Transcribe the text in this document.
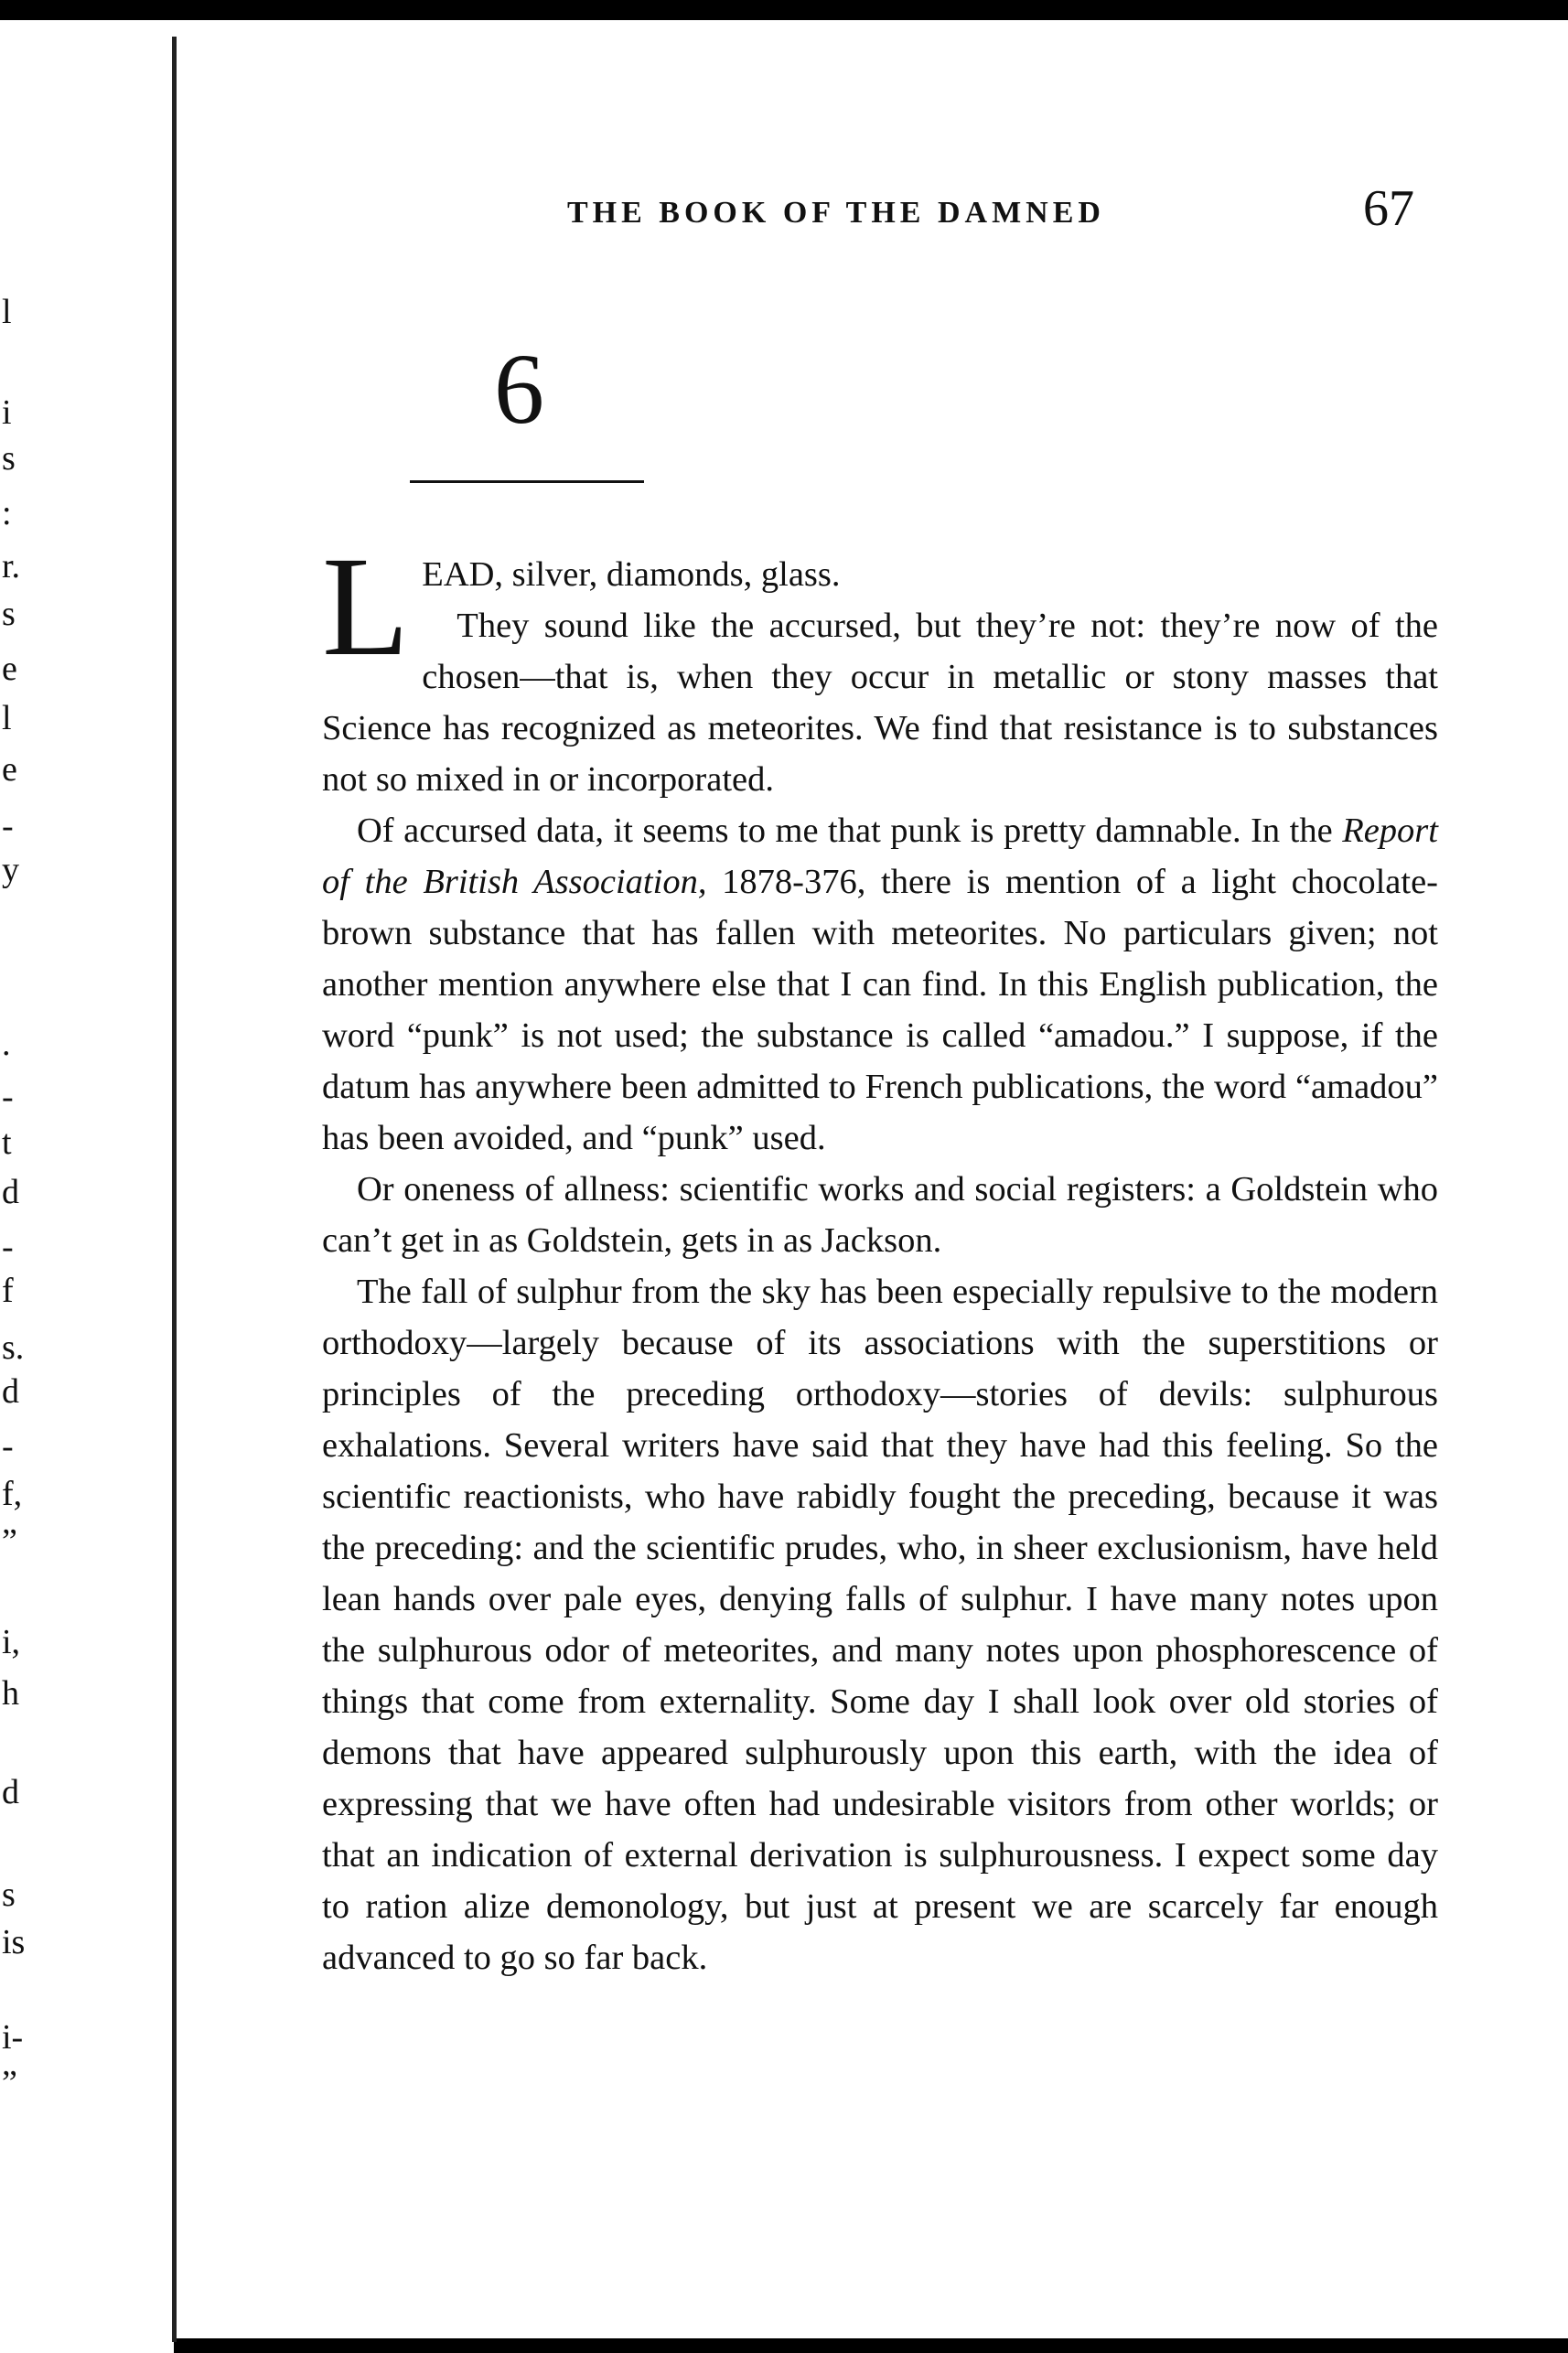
l
i
s
:
r.
s
e
l
e
-
y
.
-
t
d
-
f
s.
d
-
f,
”
i,
h
d
s
is
i-
”
THE BOOK OF THE DAMNED	67
6

LEAD, silver, diamonds, glass.
They sound like the accursed, but they’re not: they’re now of the chosen—that is, when they occur in metallic or stony masses that Science has recognized as meteorites. We find that resistance is to substances not so mixed in or incorporated.

Of accursed data, it seems to me that punk is pretty damnable. In the Report of the British Association, 1878-376, there is mention of a light chocolate-brown substance that has fallen with meteorites. No particulars given; not another mention anywhere else that I can find. In this English publication, the word “punk” is not used; the substance is called “amadou.” I suppose, if the datum has anywhere been admitted to French publications, the word “amadou” has been avoided, and “punk” used.

Or oneness of allness: scientific works and social registers: a Goldstein who can’t get in as Goldstein, gets in as Jackson.

The fall of sulphur from the sky has been especially repulsive to the modern orthodoxy—largely because of its associations with the superstitions or principles of the preceding orthodoxy—stories of devils: sulphurous exhalations. Several writers have said that they have had this feeling. So the scientific reactionists, who have rabidly fought the preceding, because it was the preceding: and the scientific prudes, who, in sheer exclusionism, have held lean hands over pale eyes, denying falls of sulphur. I have many notes upon the sulphurous odor of meteorites, and many notes upon phosphorescence of things that come from externality. Some day I shall look over old stories of demons that have appeared sulphurously upon this earth, with the idea of expressing that we have often had undesirable visitors from other worlds; or that an indication of external derivation is sulphurousness. I expect some day to ration alize demonology, but just at present we are scarcely far enough advanced to go so far back.
